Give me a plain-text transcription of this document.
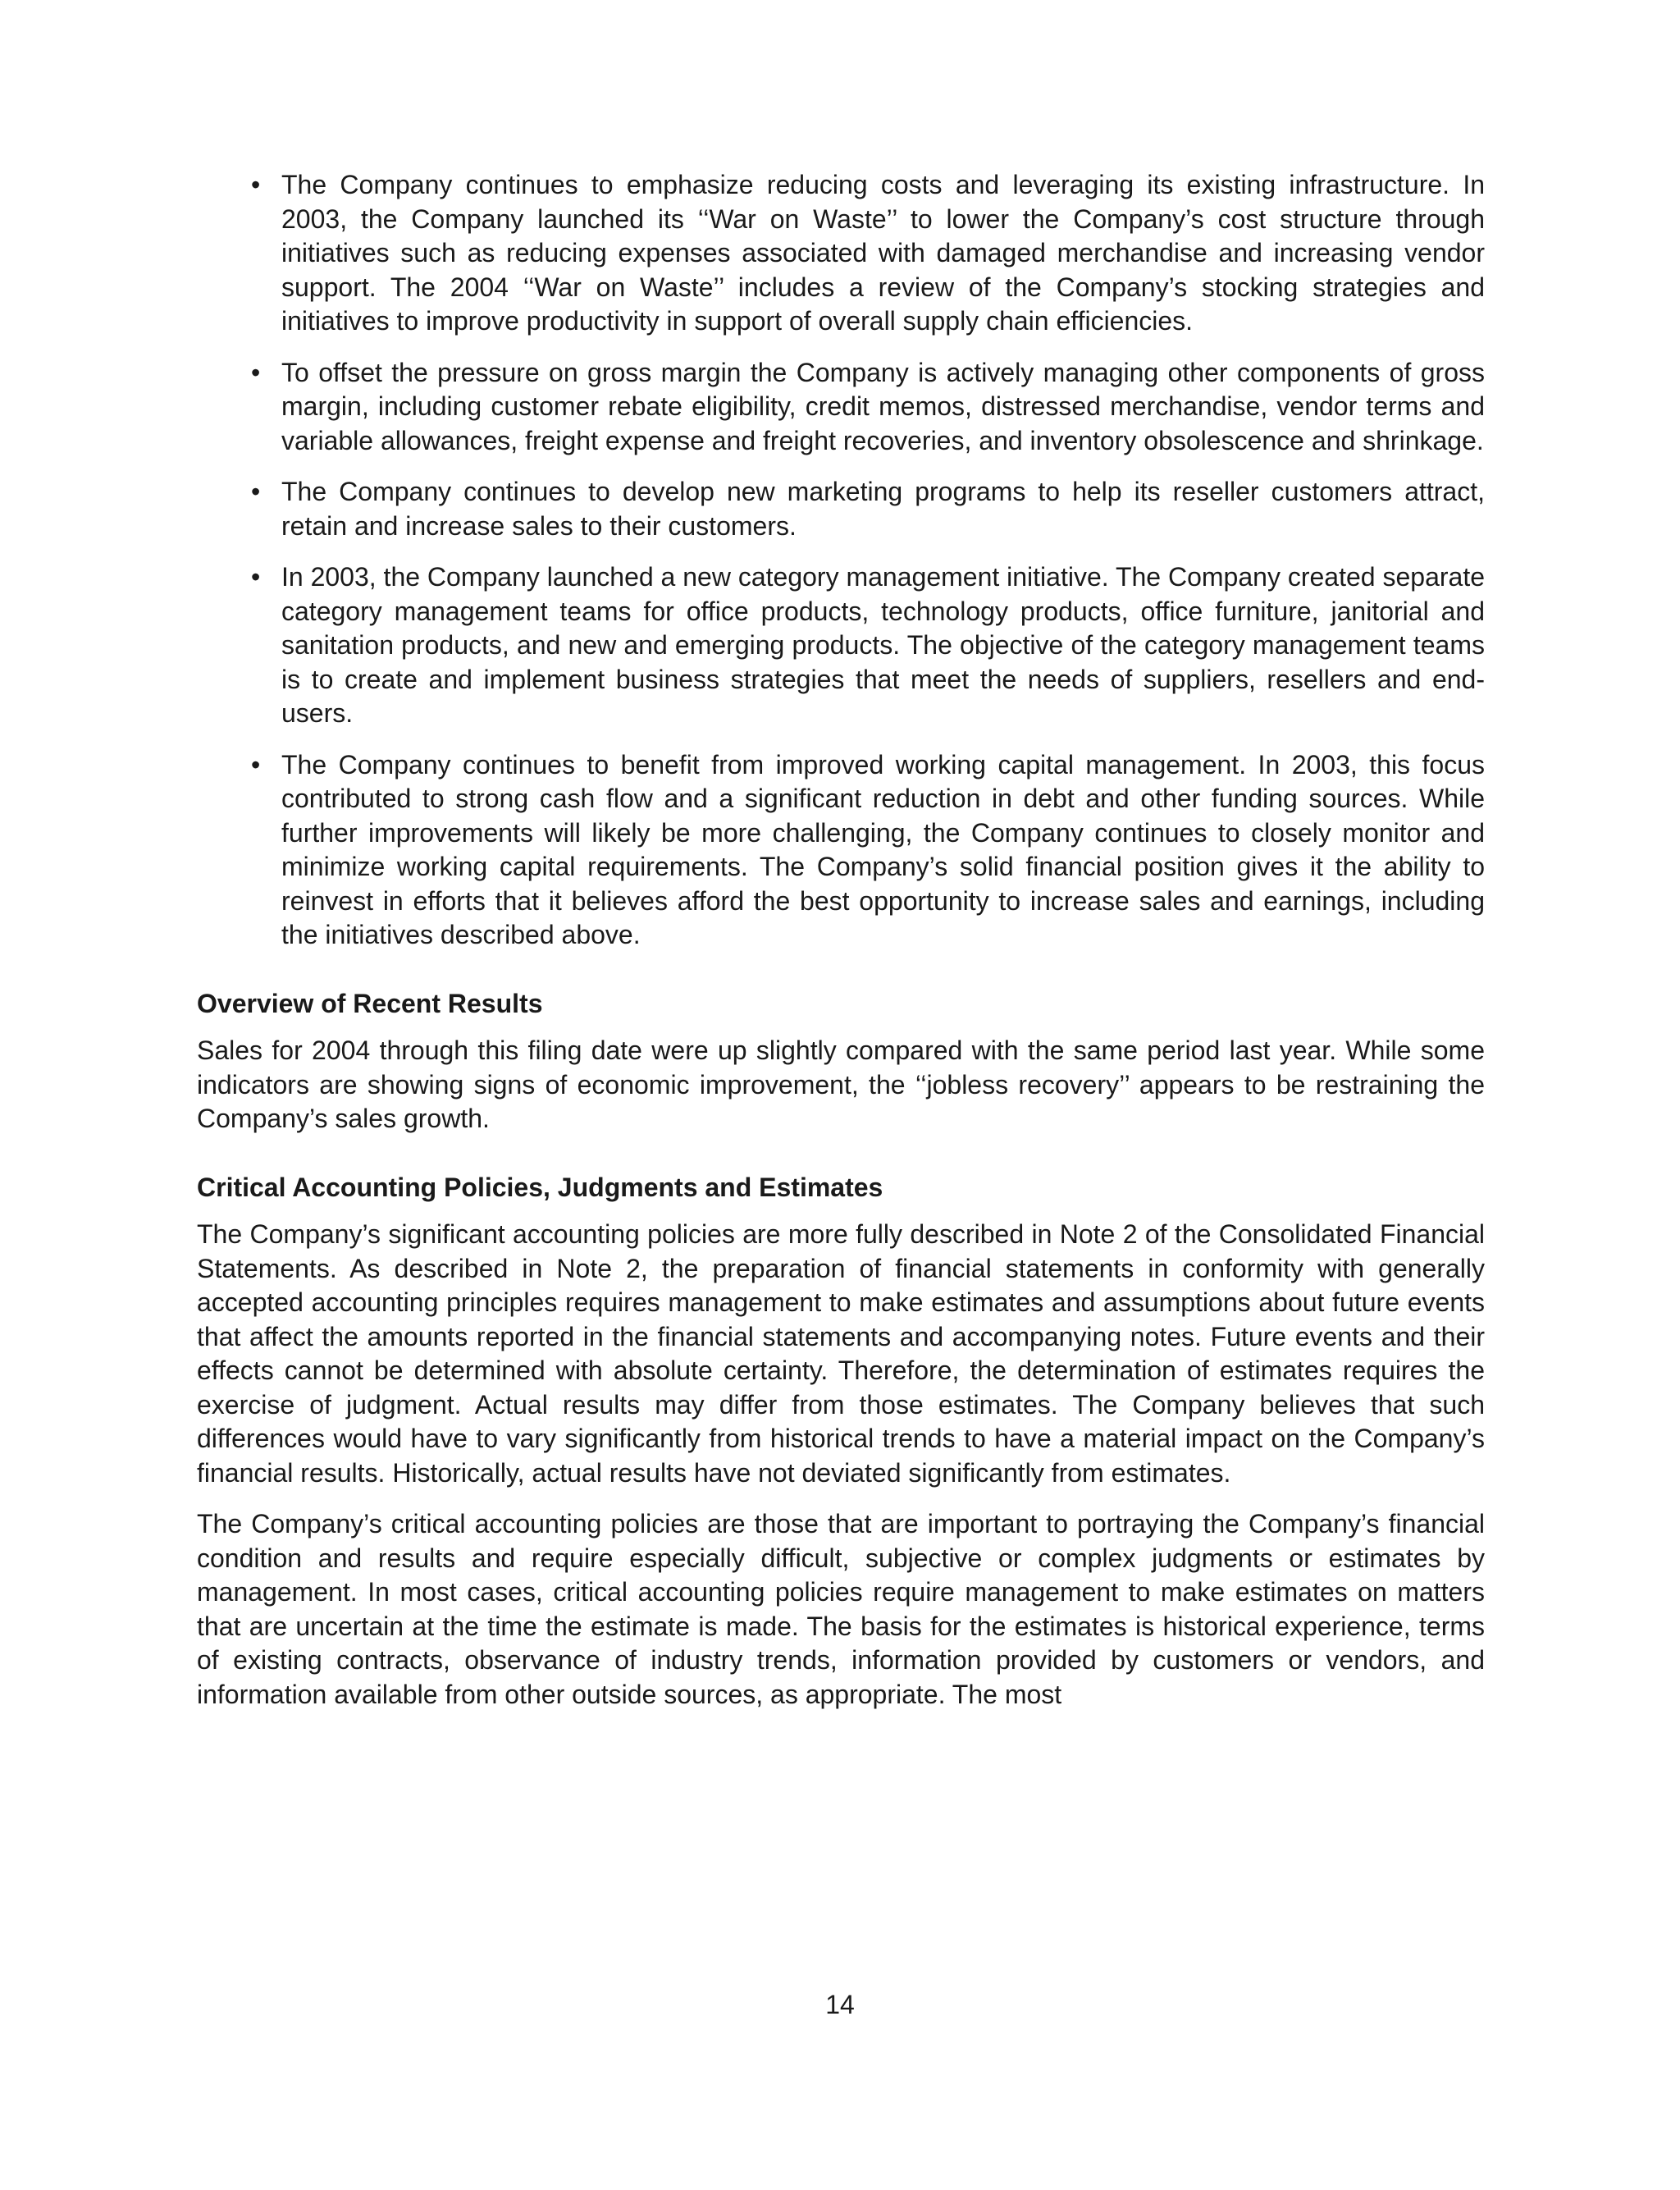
• The Company continues to emphasize reducing costs and leveraging its existing infrastructure. In 2003, the Company launched its ‘‘War on Waste’’ to lower the Company’s cost structure through initiatives such as reducing expenses associated with damaged merchandise and increasing vendor support. The 2004 ‘‘War on Waste’’ includes a review of the Company’s stocking strategies and initiatives to improve productivity in support of overall supply chain efficiencies.
• To offset the pressure on gross margin the Company is actively managing other components of gross margin, including customer rebate eligibility, credit memos, distressed merchandise, vendor terms and variable allowances, freight expense and freight recoveries, and inventory obsolescence and shrinkage.
• The Company continues to develop new marketing programs to help its reseller customers attract, retain and increase sales to their customers.
• In 2003, the Company launched a new category management initiative. The Company created separate category management teams for office products, technology products, office furniture, janitorial and sanitation products, and new and emerging products. The objective of the category management teams is to create and implement business strategies that meet the needs of suppliers, resellers and end-users.
• The Company continues to benefit from improved working capital management. In 2003, this focus contributed to strong cash flow and a significant reduction in debt and other funding sources. While further improvements will likely be more challenging, the Company continues to closely monitor and minimize working capital requirements. The Company’s solid financial position gives it the ability to reinvest in efforts that it believes afford the best opportunity to increase sales and earnings, including the initiatives described above.
Overview of Recent Results

Sales for 2004 through this filing date were up slightly compared with the same period last year. While some indicators are showing signs of economic improvement, the ‘‘jobless recovery’’ appears to be restraining the Company’s sales growth.

Critical Accounting Policies, Judgments and Estimates

The Company’s significant accounting policies are more fully described in Note 2 of the Consolidated Financial Statements. As described in Note 2, the preparation of financial statements in conformity with generally accepted accounting principles requires management to make estimates and assumptions about future events that affect the amounts reported in the financial statements and accompanying notes. Future events and their effects cannot be determined with absolute certainty. Therefore, the determination of estimates requires the exercise of judgment. Actual results may differ from those estimates. The Company believes that such differences would have to vary significantly from historical trends to have a material impact on the Company’s financial results. Historically, actual results have not deviated significantly from estimates.

The Company’s critical accounting policies are those that are important to portraying the Company’s financial condition and results and require especially difficult, subjective or complex judgments or estimates by management. In most cases, critical accounting policies require management to make estimates on matters that are uncertain at the time the estimate is made. The basis for the estimates is historical experience, terms of existing contracts, observance of industry trends, information provided by customers or vendors, and information available from other outside sources, as appropriate. The most

14
